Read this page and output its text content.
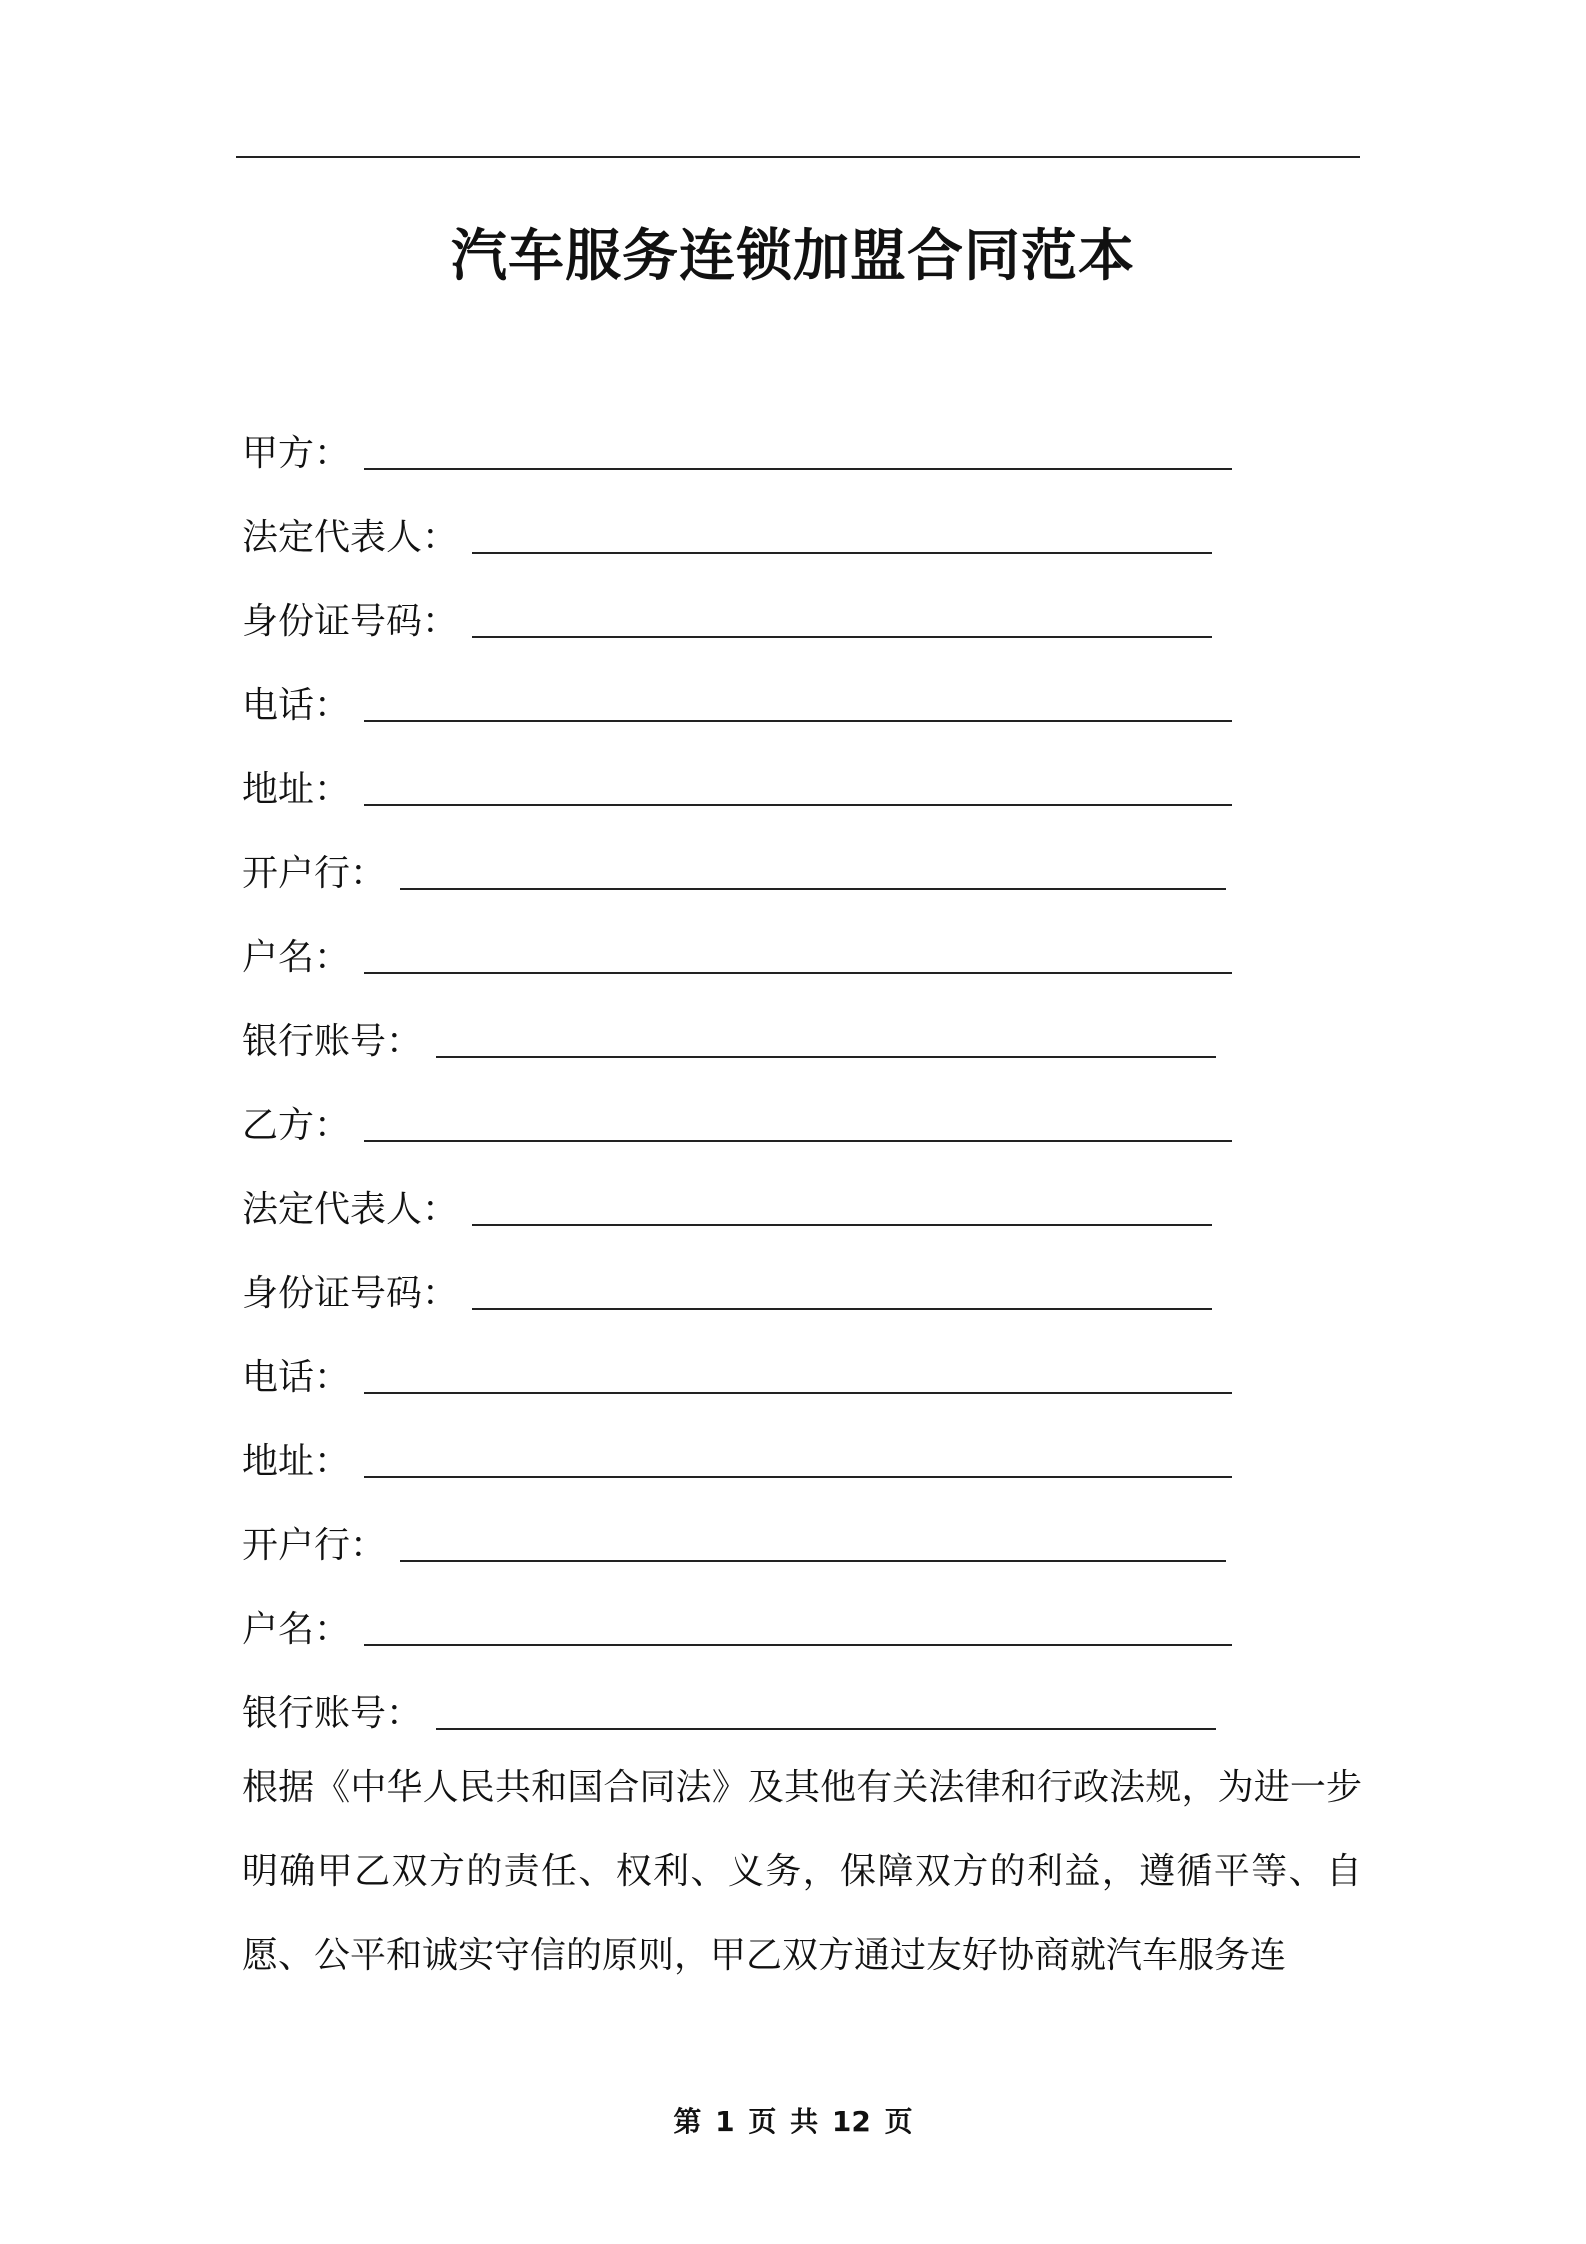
汽车服务连锁加盟合同范本
甲方：
法定代表人：
身份证号码：
电话：
地址：
开户行：
户名：
银行账号：
乙方：
法定代表人：
身份证号码：
电话：
地址：
开户行：
户名：
银行账号：
根据《中华人民共和国合同法》及其他有关法律和行政法规，为进一步明确甲乙双方的责任、权利、义务，保障双方的利益，遵循平等、自愿、公平和诚实守信的原则，甲乙双方通过友好协商就汽车服务连
第 1 页 共 12 页
